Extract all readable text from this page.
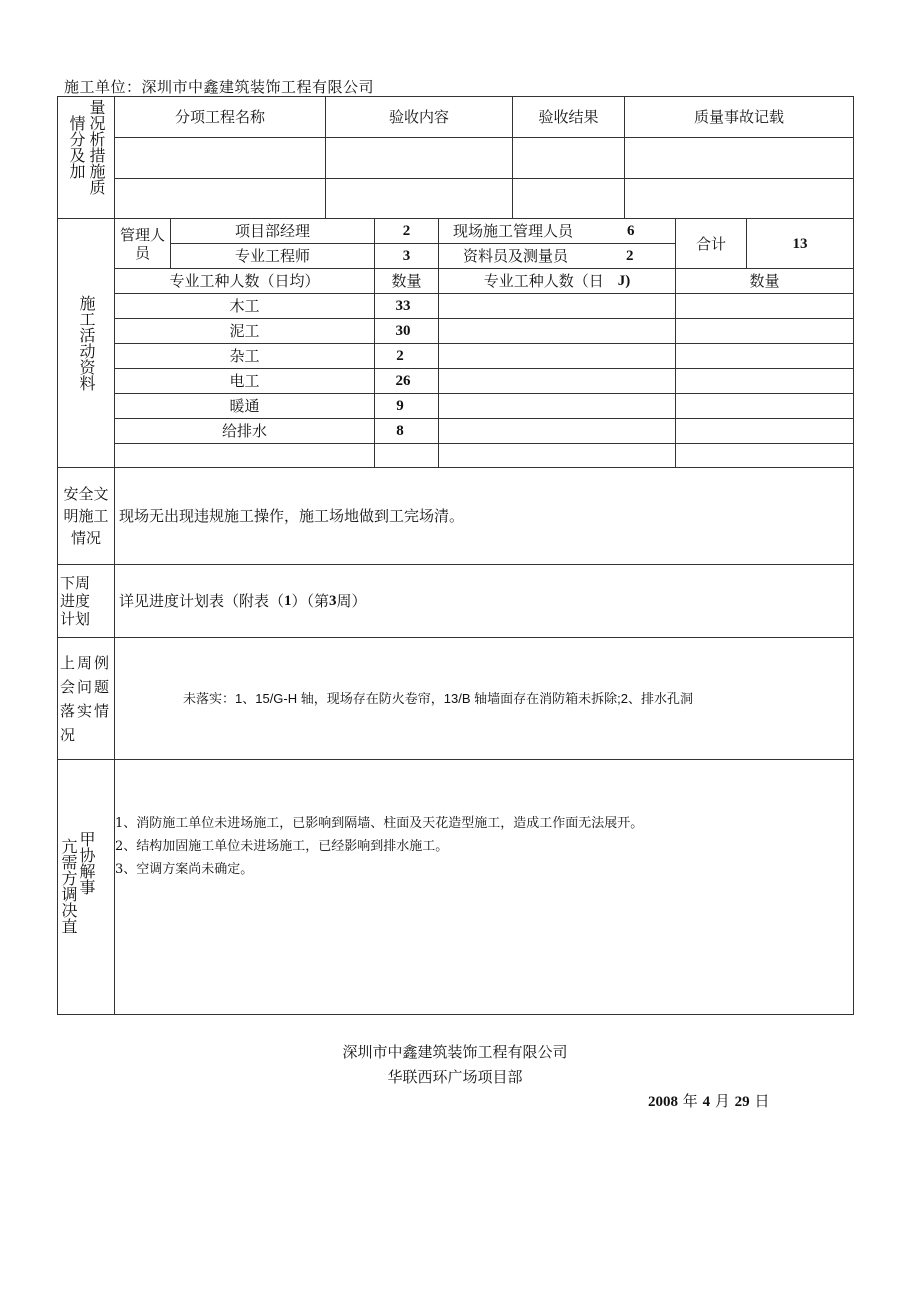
施工单位：深圳市中鑫建筑装饰工程有限公司
量况析措施质
情分及加	分项工程名称	验收内容	验收结果	质量事故记载
施工活动资料
管理人员
项目部经理	2	现场施工管理人员	6
专业工程师	3	资料员及测量员	2
合计	13
专业工种人数（日均）	数量	专业工种人数（日 J)	数量
木工	33
泥工	30
杂工	2
电工	26
暖通	9
给排水	8
安全文
明施工
情况
现场无出现违规施工操作，施工场地做到工完场清。
下周
进度
计划
详见进度计划表（附表（ 1 ）（第 3 周）
上周例
会问题
落实情
况
未落实：1、15/G-H 轴，现场存在防火卷帘，13/B 轴墙面存在消防箱未拆除;2、排水孔洞
甲协解事
亢需方调决直
1、消防施工单位未进场施工，已影响到隔墙、柱面及天花造型施工，造成工作面无法展开。
2、结构加固施工单位未进场施工，已经影响到排水施工。
3、空调方案尚未确定。
深圳市中鑫建筑装饰工程有限公司
华联西环广场项目部
2008 年 4 月 29 日
